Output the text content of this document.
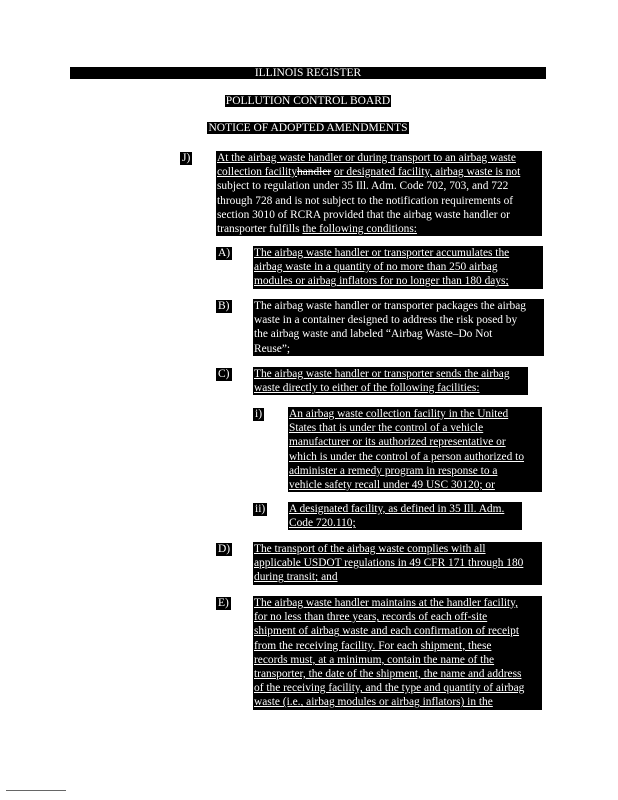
ILLINOIS REGISTER
POLLUTION CONTROL BOARD
NOTICE OF ADOPTED AMENDMENTS
J) At the airbag waste handler or during transport to an airbag waste
collection facilityhandler or designated facility, airbag waste is not
subject to regulation under 35 Ill. Adm. Code 702, 703, and 722
through 728 and is not subject to the notification requirements of
section 3010 of RCRA provided that the airbag waste handler or
transporter fulfills the following conditions:
A) The airbag waste handler or transporter accumulates the
airbag waste in a quantity of no more than 250 airbag
modules or airbag inflators for no longer than 180 days;
B) The airbag waste handler or transporter packages the airbag
waste in a container designed to address the risk posed by
the airbag waste and labeled “Airbag Waste–Do Not
Reuse”;
C) The airbag waste handler or transporter sends the airbag
waste directly to either of the following facilities:
i) An airbag waste collection facility in the United
States that is under the control of a vehicle
manufacturer or its authorized representative or
which is under the control of a person authorized to
administer a remedy program in response to a
vehicle safety recall under 49 USC 30120; or
ii) A designated facility, as defined in 35 Ill. Adm.
Code 720.110;
D) The transport of the airbag waste complies with all
applicable USDOT regulations in 49 CFR 171 through 180
during transit; and
E) The airbag waste handler maintains at the handler facility,
for no less than three years, records of each off-site
shipment of airbag waste and each confirmation of receipt
from the receiving facility. For each shipment, these
records must, at a minimum, contain the name of the
transporter, the date of the shipment, the name and address
of the receiving facility, and the type and quantity of airbag
waste (i.e., airbag modules or airbag inflators) in the
